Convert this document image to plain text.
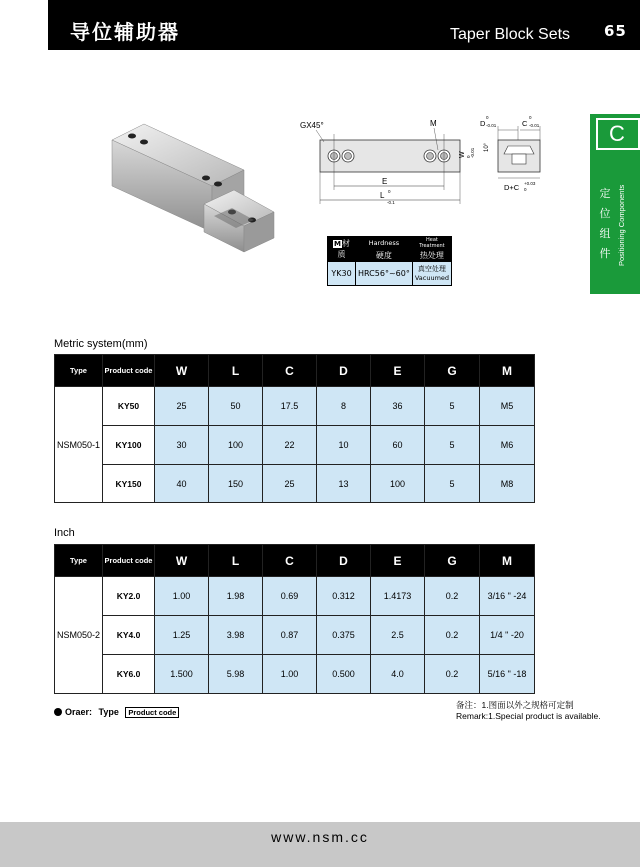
导位辅助器	Taper Block Sets 65
C
定
位
组
件 Positioning Components
E
L 0
-0.1
GX45°	M
W 0 -0.01
D
0
-0.01	C
0
-0.01
10°
D+C +0.03
0
M材质	Hardness	Heat Treatment
	硬度	热处理
YK30	HRC56°~60°	真空处理
Vacuumed
Metric system(mm)
Type	Product code	W	L	C	D	E	G	M
NSM050-1	KY50	25	50	17.5	8	36	5	M5
	KY100	30	100	22	10	60	5	M6
	KY150	40	150	25	13	100	5	M8
Inch
Type	Product code	W	L	C	D	E	G	M
NSM050-2	KY2.0	1.00	1.98	0.69	0.312	1.4173	0.2	3/16 " -24
	KY4.0	1.25	3.98	0.87	0.375	2.5	0.2	1/4 " -20
	KY6.0	1.500	5.98	1.00	0.500	4.0	0.2	5/16 " -18
Oraer: Type Product code
备注：1.图面以外之规格可定制
Remark:1.Special product is available.
www.nsm.cc
